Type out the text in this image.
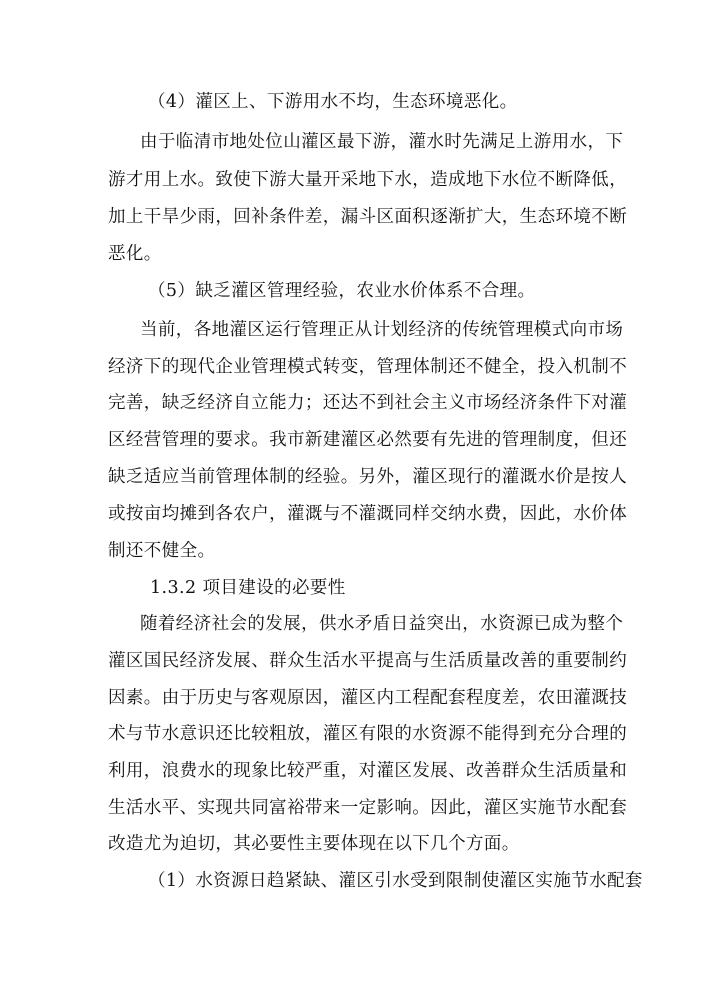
（4）灌区上、下游用水不均，生态环境恶化。
由于临清市地处位山灌区最下游，灌水时先满足上游用水，下
游才用上水。致使下游大量开采地下水，造成地下水位不断降低，
加上干旱少雨，回补条件差，漏斗区面积逐渐扩大，生态环境不断
恶化。
（5）缺乏灌区管理经验，农业水价体系不合理。
当前，各地灌区运行管理正从计划经济的传统管理模式向市场
经济下的现代企业管理模式转变，管理体制还不健全，投入机制不
完善，缺乏经济自立能力；还达不到社会主义市场经济条件下对灌
区经营管理的要求。我市新建灌区必然要有先进的管理制度，但还
缺乏适应当前管理体制的经验。另外，灌区现行的灌溉水价是按人
或按亩均摊到各农户，灌溉与不灌溉同样交纳水费，因此，水价体
制还不健全。
1.3.2 项目建设的必要性
随着经济社会的发展，供水矛盾日益突出，水资源已成为整个
灌区国民经济发展、群众生活水平提高与生活质量改善的重要制约
因素。由于历史与客观原因，灌区内工程配套程度差，农田灌溉技
术与节水意识还比较粗放，灌区有限的水资源不能得到充分合理的
利用，浪费水的现象比较严重，对灌区发展、改善群众生活质量和
生活水平、实现共同富裕带来一定影响。因此，灌区实施节水配套
改造尤为迫切，其必要性主要体现在以下几个方面。
（1）水资源日趋紧缺、灌区引水受到限制使灌区实施节水配套
